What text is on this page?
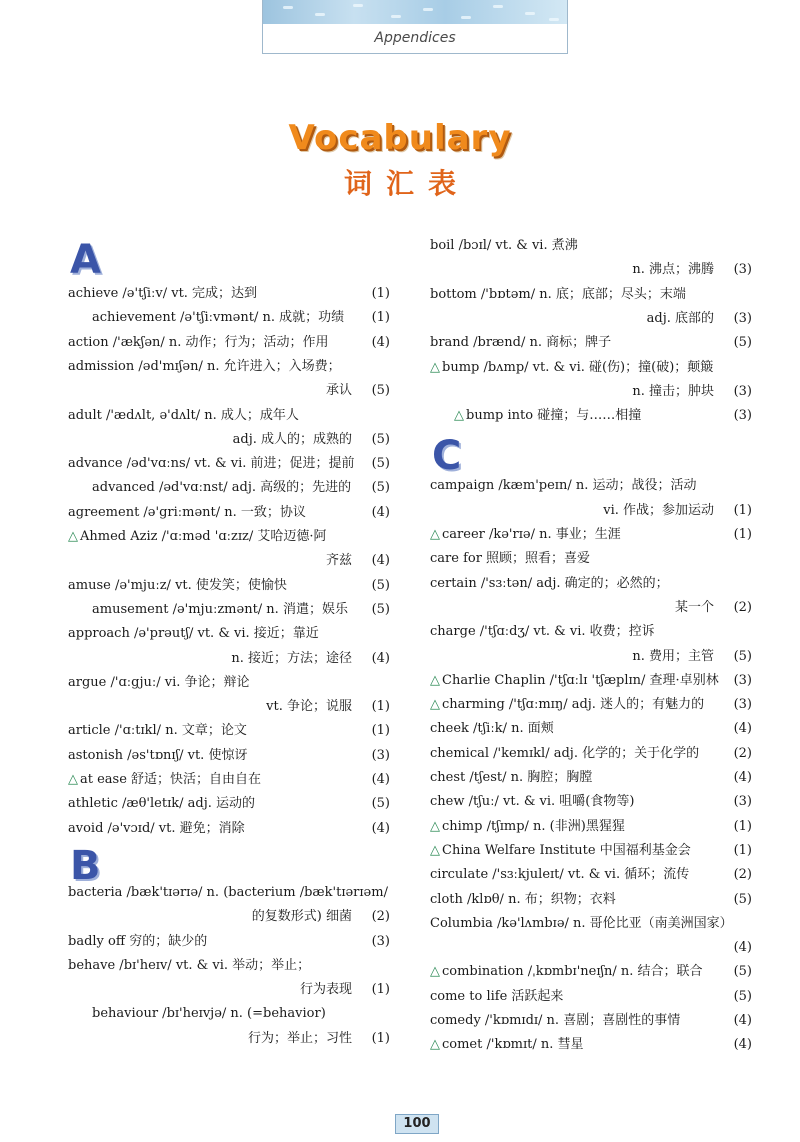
Appendices
Vocabulary
词汇表
A
B
C
achieve /ə'tʃiːv/ vt. 完成；达到	(1)
achievement /ə'tʃiːvmənt/ n. 成就；功绩 (1)
action /'ækʃən/ n. 动作；行为；活动；作用	(4)
admission /əd'mɪʃən/ n. 允许进入；入场费；
承认 (5)
adult /'ædʌlt, ə'dʌlt/ n. 成人；成年人
adj. 成人的；成熟的 (5)
advance /əd'vɑːns/ vt. & vi. 前进；促进；提前 (5)
advanced /əd'vɑːnst/ adj. 高级的；先进的 (5)
agreement /ə'griːmənt/ n. 一致；协议	(4)
△ Ahmed Aziz /'ɑːməd 'ɑːzɪz/ 艾哈迈德·阿
齐兹 (4)
amuse /ə'mjuːz/ vt. 使发笑；使愉快	(5)
amusement /ə'mjuːzmənt/ n. 消遣；娱乐 (5)
approach /ə'prəutʃ/ vt. & vi. 接近；靠近
n. 接近；方法；途径 (4)
argue /'ɑːgjuː/ vi. 争论；辩论
vt. 争论；说服 (1)
article /'ɑːtɪkl/ n. 文章；论文	(1)
astonish /əs'tɒnɪʃ/ vt. 使惊讶	(3)
△ at ease 舒适；快活；自由自在	(4)
athletic /æθ'letɪk/ adj. 运动的	(5)
avoid /ə'vɔɪd/ vt. 避免；消除	(4)
bacteria /bæk'tɪərɪə/ n. (bacterium /bæk'tɪərɪəm/
的复数形式) 细菌 (2)
badly off 穷的；缺少的	(3)
behave /bɪ'heɪv/ vt. & vi. 举动；举止；
行为表现 (1)
behaviour /bɪ'heɪvjə/ n. (=behavior)
行为；举止；习性 (1)
boil /bɔɪl/ vt. & vi. 煮沸
n. 沸点；沸腾 (3)
bottom /'bɒtəm/ n. 底；底部；尽头；末端
adj. 底部的 (3)
brand /brænd/ n. 商标；牌子	(5)
△ bump /bʌmp/ vt. & vi. 碰(伤)；撞(破)；颠簸
n. 撞击；肿块 (3)
△ bump into 碰撞；与……相撞	(3)
campaign /kæm'peɪn/ n. 运动；战役；活动
vi. 作战；参加运动 (1)
△ career /kə'rɪə/ n. 事业；生涯	(1)
care for 照顾；照看；喜爱
certain /'sɜːtən/ adj. 确定的；必然的；
某一个 (2)
charge /'tʃɑːdʒ/ vt. & vi. 收费；控诉
n. 费用；主管 (5)
△ Charlie Chaplin /'tʃɑːlɪ 'tʃæplɪn/ 查理·卓别林 (3)
△ charming /'tʃɑːmɪŋ/ adj. 迷人的；有魅力的 (3)
cheek /tʃiːk/ n. 面颊	(4)
chemical /'kemɪkl/ adj. 化学的；关于化学的	(2)
chest /tʃest/ n. 胸腔；胸膛	(4)
chew /tʃuː/ vt. & vi. 咀嚼(食物等)	(3)
△ chimp /tʃɪmp/ n. (非洲)黑猩猩	(1)
△ China Welfare Institute 中国福利基金会	(1)
circulate /'sɜːkjuleɪt/ vt. & vi. 循环；流传	(2)
cloth /klɒθ/ n. 布；织物；衣料	(5)
Columbia /kə'lʌmbɪə/ n. 哥伦比亚（南美洲国家）
(4)
△ combination /ˌkɒmbɪ'neɪʃn/ n. 结合；联合 (5)
come to life 活跃起来	(5)
comedy /'kɒmɪdɪ/ n. 喜剧；喜剧性的事情	(4)
△ comet /'kɒmɪt/ n. 彗星	(4)
100
